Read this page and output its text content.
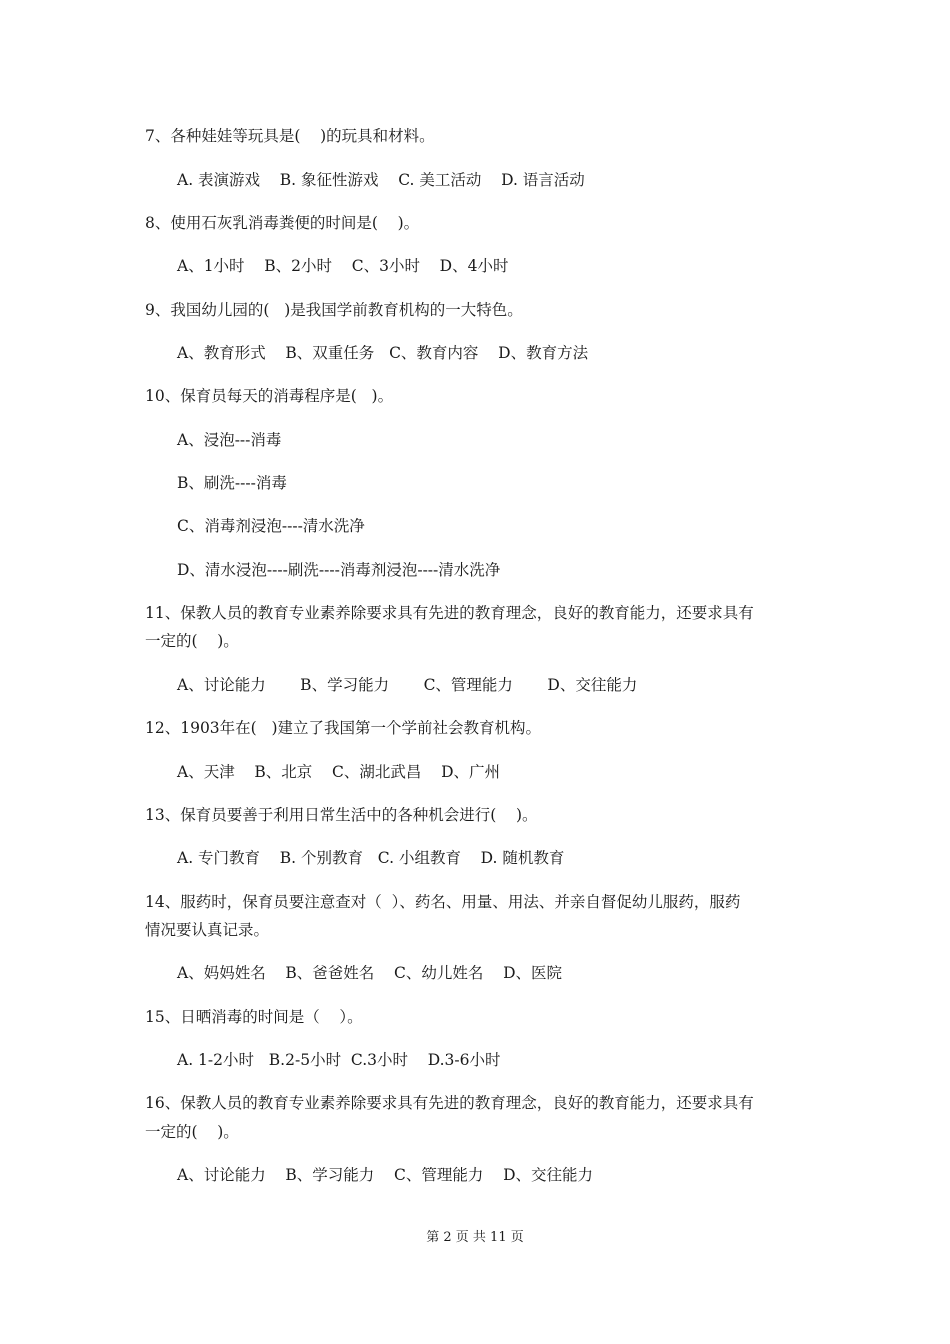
7、各种娃娃等玩具是(    )的玩具和材料。
A. 表演游戏    B. 象征性游戏    C. 美工活动    D. 语言活动
8、使用石灰乳消毒粪便的时间是(    )。
A、1小时    B、2小时    C、3小时    D、4小时
9、我国幼儿园的(   )是我国学前教育机构的一大特色。
A、教育形式    B、双重任务   C、教育内容    D、教育方法
10、保育员每天的消毒程序是(   )。
A、浸泡---消毒
B、刷洗----消毒
C、消毒剂浸泡----清水洗净
D、清水浸泡----刷洗----消毒剂浸泡----清水洗净
11、保教人员的教育专业素养除要求具有先进的教育理念，良好的教育能力，还要求具有
一定的(    )。
A、讨论能力       B、学习能力       C、管理能力       D、交往能力
12、1903年在(   )建立了我国第一个学前社会教育机构。
A、天津    B、北京    C、湖北武昌    D、广州
13、保育员要善于利用日常生活中的各种机会进行(    )。
A. 专门教育    B. 个别教育   C. 小组教育    D. 随机教育
14、服药时，保育员要注意查对（  ）、药名、用量、用法、并亲自督促幼儿服药，服药
情况要认真记录。
A、妈妈姓名    B、爸爸姓名    C、幼儿姓名    D、医院
15、日晒消毒的时间是（    ）。
A. 1-2小时   B.2-5小时  C.3小时    D.3-6小时
16、保教人员的教育专业素养除要求具有先进的教育理念，良好的教育能力，还要求具有
一定的(    )。
A、讨论能力    B、学习能力    C、管理能力    D、交往能力
第 2 页 共 11 页
